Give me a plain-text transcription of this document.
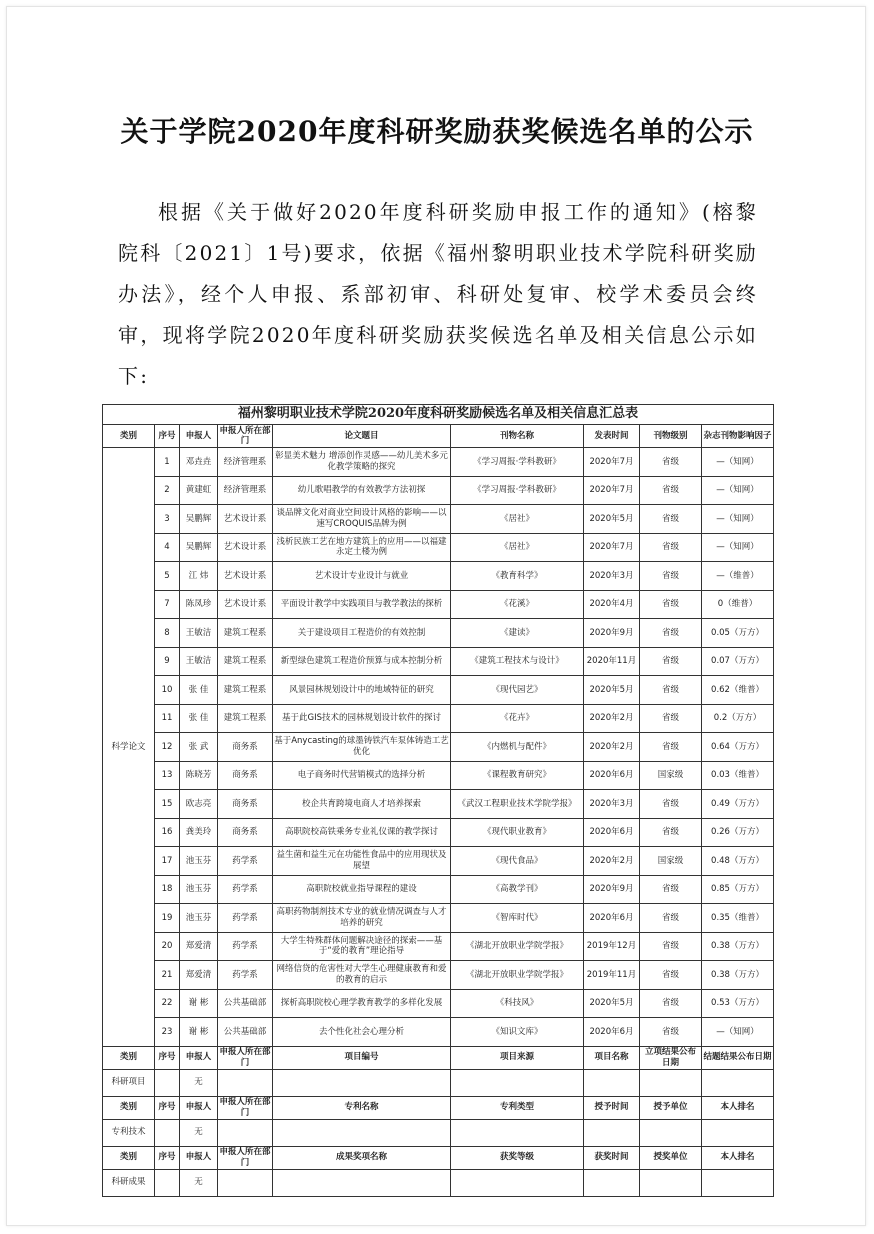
关于学院2020年度科研奖励获奖候选名单的公示
根据《关于做好2020年度科研奖励申报工作的通知》(榕黎院科〔2021〕1号)要求，依据《福州黎明职业技术学院科研奖励办法》，经个人申报、系部初审、科研处复审、校学术委员会终审，现将学院2020年度科研奖励获奖候选名单及相关信息公示如下:
福州黎明职业技术学院2020年度科研奖励候选名单及相关信息汇总表								
类别	序号	申报人	申报人所在部门	论文题目	刊物名称	发表时间	刊物级别	杂志刊物影响因子
科学论文	1	邓垚垚	经济管理系	彰显美术魅力 增添创作灵感——幼儿美术多元化教学策略的探究	《学习周报·学科教研》	2020年7月	省级	—（知网）
	2	黄建虹	经济管理系	幼儿歌唱教学的有效教学方法初探	《学习周报·学科教研》	2020年7月	省级	—（知网）
	3	吴鹏辉	艺术设计系	谈品牌文化对商业空间设计风格的影响——以速写CROQUIS品牌为例	《居社》	2020年5月	省级	—（知网）
	4	吴鹏辉	艺术设计系	浅析民族工艺在地方建筑上的应用——以福建永定土楼为例	《居社》	2020年7月	省级	—（知网）
	5	江 炜	艺术设计系	艺术设计专业设计与就业	《教育科学》	2020年3月	省级	—（维普）
	7	陈凤珍	艺术设计系	平面设计教学中实践项目与教学教法的探析	《花溪》	2020年4月	省级	0（维普）
	8	王敏洁	建筑工程系	关于建设项目工程造价的有效控制	《建读》	2020年9月	省级	0.05（万方）
	9	王敏洁	建筑工程系	新型绿色建筑工程造价预算与成本控制分析	《建筑工程技术与设计》	2020年11月	省级	0.07（万方）
	10	张 佳	建筑工程系	风景园林规划设计中的地域特征的研究	《现代园艺》	2020年5月	省级	0.62（维普）
	11	张 佳	建筑工程系	基于此GIS技术的园林规划设计软件的探讨	《花卉》	2020年2月	省级	0.2（万方）
	12	张 武	商务系	基于Anycasting的球墨铸铁汽车泵体铸造工艺优化	《内燃机与配件》	2020年2月	省级	0.64（万方）
	13	陈晓芳	商务系	电子商务时代营销模式的选择分析	《课程教育研究》	2020年6月	国家级	0.03（维普）
	15	欧志亮	商务系	校企共育跨境电商人才培养探索	《武汉工程职业技术学院学报》	2020年3月	省级	0.49（万方）
	16	龚美玲	商务系	高职院校高铁乘务专业礼仪课的教学探讨	《现代职业教育》	2020年6月	省级	0.26（万方）
	17	池玉芬	药学系	益生菌和益生元在功能性食品中的应用现状及展望	《现代食品》	2020年2月	国家级	0.48（万方）
	18	池玉芬	药学系	高职院校就业指导课程的建设	《高教学刊》	2020年9月	省级	0.85（万方）
	19	池玉芬	药学系	高职药物制剂技术专业的就业情况调查与人才培养的研究	《智库时代》	2020年6月	省级	0.35（维普）
	20	郑爱清	药学系	大学生特殊群体问题解决途径的探索——基于“爱的教育”理论指导	《湖北开放职业学院学报》	2019年12月	省级	0.38（万方）
	21	郑爱清	药学系	网络信贷的危害性对大学生心理健康教育和爱的教育的启示	《湖北开放职业学院学报》	2019年11月	省级	0.38（万方）
	22	谢 彬	公共基础部	探析高职院校心理学教育教学的多样化发展	《科技风》	2020年5月	省级	0.53（万方）
	23	谢 彬	公共基础部	去个性化社会心理分析	《知识文库》	2020年6月	省级	—（知网）
类别	序号	申报人	申报人所在部门	项目编号	项目来源	项目名称	立项结果公布日期	结题结果公布日期
科研项目		无						
类别	序号	申报人	申报人所在部门	专利名称	专利类型	授予时间	授予单位	本人排名
专利技术		无						
类别	序号	申报人	申报人所在部门	成果奖项名称	获奖等级	获奖时间	授奖单位	本人排名
科研成果		无						
